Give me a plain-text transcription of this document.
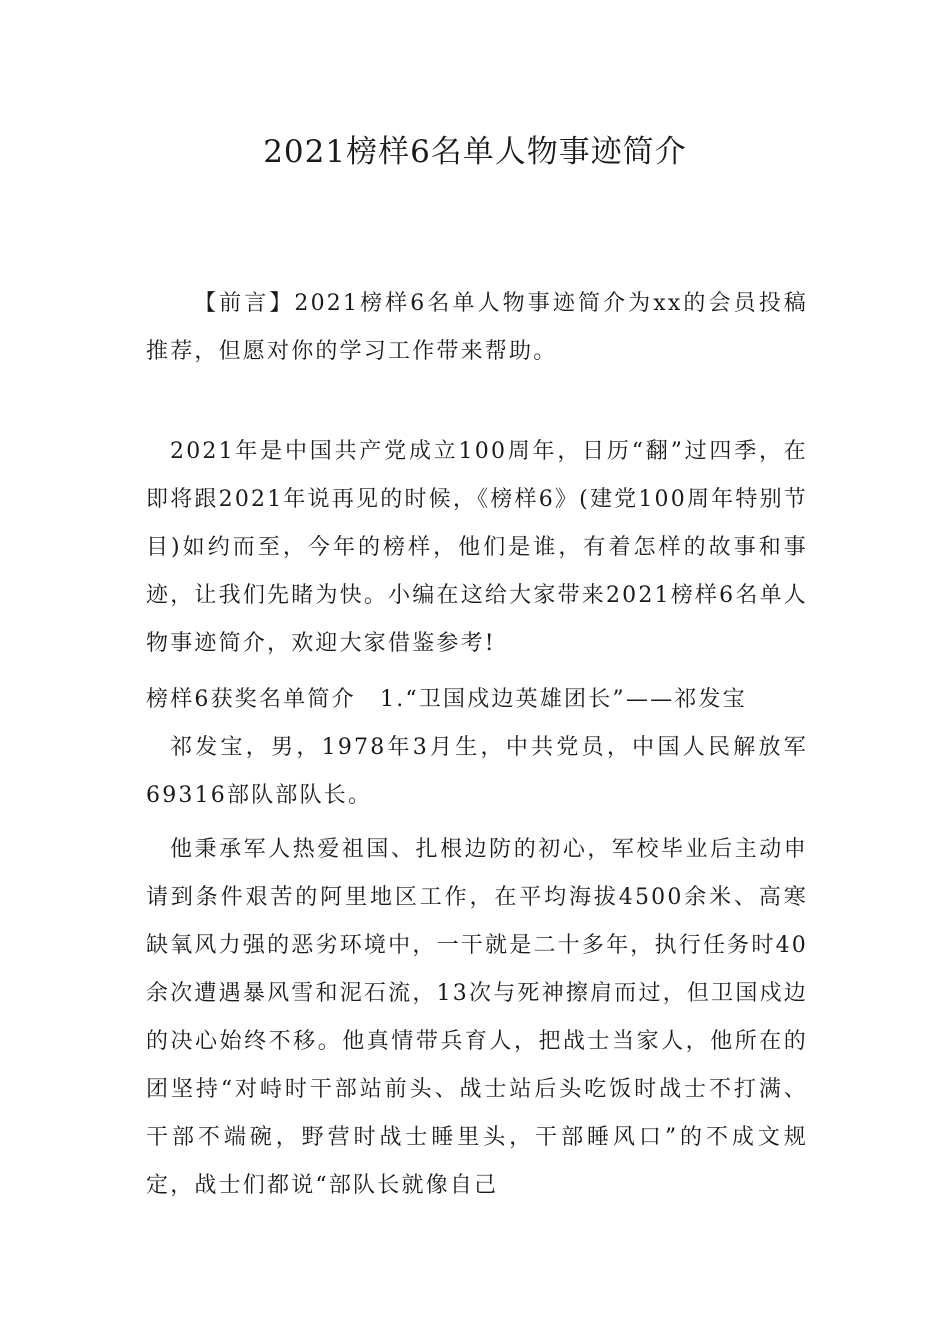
2021榜样6名单人物事迹简介

【前言】2021榜样6名单人物事迹简介为xx的会员投稿推荐，但愿对你的学习工作带来帮助。

2021年是中国共产党成立100周年，日历“翻”过四季，在即将跟2021年说再见的时候，《榜样6》(建党100周年特别节目)如约而至，今年的榜样，他们是谁，有着怎样的故事和事迹，让我们先睹为快。小编在这给大家带来2021榜样6名单人物事迹简介，欢迎大家借鉴参考!

榜样6获奖名单简介　1.“卫国戍边英雄团长”——祁发宝

祁发宝，男，1978年3月生，中共党员，中国人民解放军69316部队部队长。

他秉承军人热爱祖国、扎根边防的初心，军校毕业后主动申请到条件艰苦的阿里地区工作，在平均海拔4500余米、高寒缺氧风力强的恶劣环境中，一干就是二十多年，执行任务时40余次遭遇暴风雪和泥石流，13次与死神擦肩而过，但卫国戍边的决心始终不移。他真情带兵育人，把战士当家人，他所在的团坚持“对峙时干部站前头、战士站后头吃饭时战士不打满、干部不端碗，野营时战士睡里头，干部睡风口”的不成文规定，战士们都说“部队长就像自己
